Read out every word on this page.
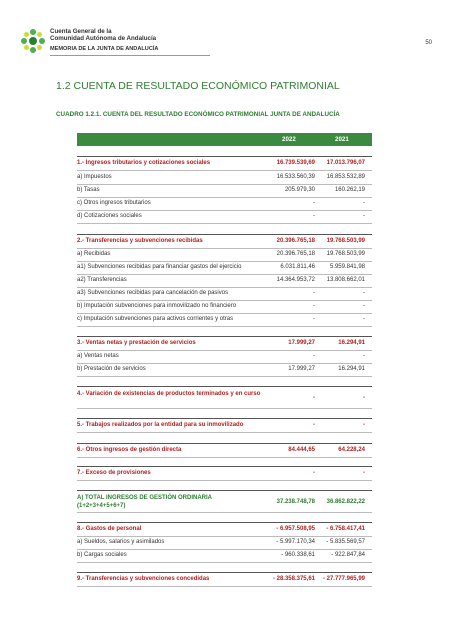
Cuenta General de la
Comunidad Autónoma de Andalucía
MEMORIA DE LA JUNTA DE ANDALUCÍA
50
1.2 CUENTA DE RESULTADO ECONÓMICO PATRIMONIAL
CUADRO 1.2.1. CUENTA DEL RESULTADO ECONÓMICO PATRIMONIAL JUNTA DE ANDALUCÍA
2022	2021
1.- Ingresos tributarios y cotizaciones sociales	16.739.539,69 17.013.796,07
a) Impuestos	16.533.560,39 16.853.532,89
b) Tasas	205.979,30	160.262,19
c) Otros ingresos tributarios	-	-
d) Cotizaciones sociales	-	-
2.- Transferencias y subvenciones recibidas	20.396.765,18 19.768.503,99
a) Recibidas	20.396.765,18 19.768.503,99
a1) Subvenciones recibidas para financiar gastos del ejercicio	6.031.811,46 5.959.841,98
a2) Transferencias	14.364.953,72 13.808.662,01
a3) Subvenciones recibidas para cancelación de pasivos	-	-
b) Imputación subvenciones para inmovilizado no financiero	-	-
c) Imputación subvenciones para activos corrientes y otras	-	-
3.- Ventas netas y prestación de servicios	17.999,27	16.294,91
a) Ventas netas	-	-
b) Prestación de servicios	17.999,27	16.294,91
4.- Variación de existencias de productos terminados y en curso
-	-
5.- Trabajos realizados por la entidad para su inmovilizado	-	-
6.- Otros ingresos de gestión directa	84.444,65	64.228,24
7.- Exceso de provisiones	-	-
A) TOTAL INGRESOS DE GESTIÓN ORDINARIA (1+2+3+4+5+6+7)
37.238.748,78 36.862.822,22
8.- Gastos de personal	- 6.957.508,95 - 6.758.417,41
a) Sueldos, salarios y asimilados	- 5.997.170,34 - 5.835.569,57
b) Cargas sociales	- 960.338,61	- 922.847,84
9.- Transferencias y subvenciones concedidas	- 28.358.375,61 - 27.777.965,99
